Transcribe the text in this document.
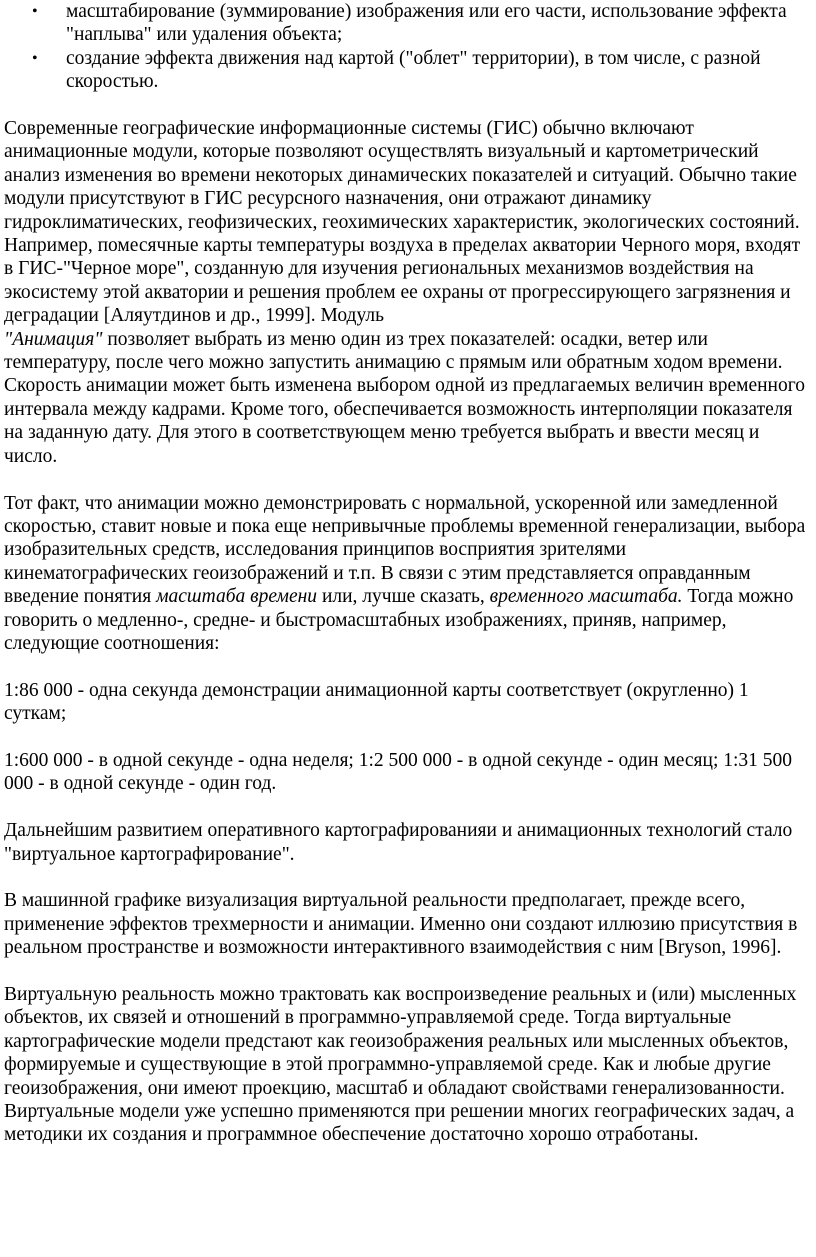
• масштабирование (зуммирование) изображения или его части, использование эффекта "наплыва" или удаления объекта;
• создание эффекта движения над картой ("облет" территории), в том числе, с разной скоростью.

Современные географические информационные системы (ГИС) обычно включают анимационные модули, которые позволяют осуществлять визуальный и картометрический анализ изменения во времени некоторых динамических показателей и ситуаций. Обычно такие модули присутствуют в ГИС ресурсного назначения, они отражают динамику гидроклиматических, геофизических, геохимических характеристик, экологических состояний. Например, помесячные карты температуры воздуха в пределах акватории Черного моря, входят в ГИС-"Черное море", созданную для изучения региональных механизмов воздействия на экосистему этой акватории и решения проблем ее охраны от прогрессирующего загрязнения и деградации [Аляутдинов и др., 1999]. Модуль
"Анимация" позволяет выбрать из меню один из трех показателей: осадки, ветер или температуру, после чего можно запустить анимацию с прямым или обратным ходом времени. Скорость анимации может быть изменена выбором одной из предлагаемых величин временного интервала между кадрами. Кроме того, обеспечивается возможность интерполяции показателя на заданную дату. Для этого в соответствующем меню требуется выбрать и ввести месяц и число.

Тот факт, что анимации можно демонстрировать с нормальной, ускоренной или замедленной скоростью, ставит новые и пока еще непривычные проблемы временной генерализации, выбора изобразительных средств, исследования принципов восприятия зрителями кинематографических геоизображений и т.п. В связи с этим представляется оправданным введение понятия масштаба времени или, лучше сказать, временного масштаба. Тогда можно говорить о медленно-, средне- и быстромасштабных изображениях, приняв, например, следующие соотношения:

1:86 000 - одна секунда демонстрации анимационной карты соответствует (округленно) 1 суткам;

1:600 000 - в одной секунде - одна неделя; 1:2 500 000 - в одной секунде - один месяц; 1:31 500 000 - в одной секунде - один год.

Дальнейшим развитием оперативного картографированияи и анимационных технологий стало "виртуальное картографирование".

В машинной графике визуализация виртуальной реальности предполагает, прежде всего, применение эффектов трехмерности и анимации. Именно они создают иллюзию присутствия в реальном пространстве и возможности интерактивного взаимодействия с ним [Bryson, 1996].

Виртуальную реальность можно трактовать как воспроизведение реальных и (или) мысленных объектов, их связей и отношений в программно-управляемой среде. Тогда виртуальные картографические модели предстают как геоизображения реальных или мысленных объектов, формируемые и существующие в этой программно-управляемой среде. Как и любые другие геоизображения, они имеют проекцию, масштаб и обладают свойствами генерализованности. Виртуальные модели уже успешно применяются при решении многих географических задач, а методики их создания и программное обеспечение достаточно хорошо отработаны.
